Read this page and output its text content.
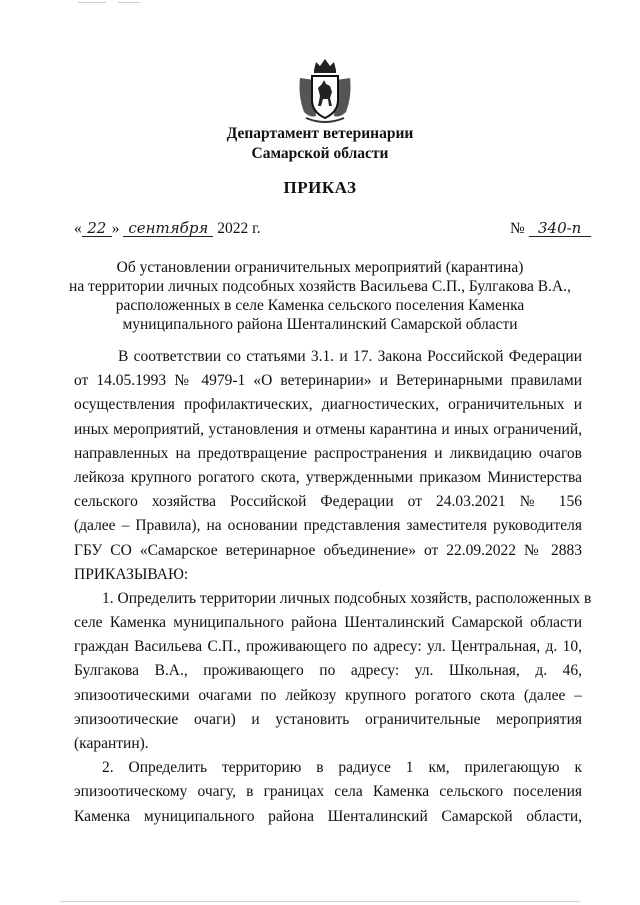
Департамент ветеринарии
Самарской области
ПРИКАЗ
« 22 » сентября 2022 г.	№ 340-п
Об установлении ограничительных мероприятий (карантина)
на территории личных подсобных хозяйств Васильева С.П., Булгакова В.А.,
расположенных в селе Каменка сельского поселения Каменка
муниципального района Шенталинский Самарской области
В соответствии со статьями 3.1. и 17. Закона Российской Федерации
от 14.05.1993 № 4979-1 «О ветеринарии» и Ветеринарными правилами
осуществления профилактических, диагностических, ограничительных и
иных мероприятий, установления и отмены карантина и иных ограничений,
направленных на предотвращение распространения и ликвидацию очагов
лейкоза крупного рогатого скота, утвержденными приказом Министерства
сельского хозяйства Российской Федерации от 24.03.2021 № 156
(далее – Правила), на основании представления заместителя руководителя
ГБУ СО «Самарское ветеринарное объединение» от 22.09.2022 № 2883
ПРИКАЗЫВАЮ:
1. Определить территории личных подсобных хозяйств, расположенных в
селе Каменка муниципального района Шенталинский Самарской области
граждан Васильева С.П., проживающего по адресу: ул. Центральная, д. 10,
Булгакова В.А., проживающего по адресу: ул. Школьная, д. 46,
эпизоотическими очагами по лейкозу крупного рогатого скота (далее –
эпизоотические очаги) и установить ограничительные мероприятия
(карантин).
2. Определить территорию в радиусе 1 км, прилегающую к
эпизоотическому очагу, в границах села Каменка сельского поселения
Каменка муниципального района Шенталинский Самарской области,
